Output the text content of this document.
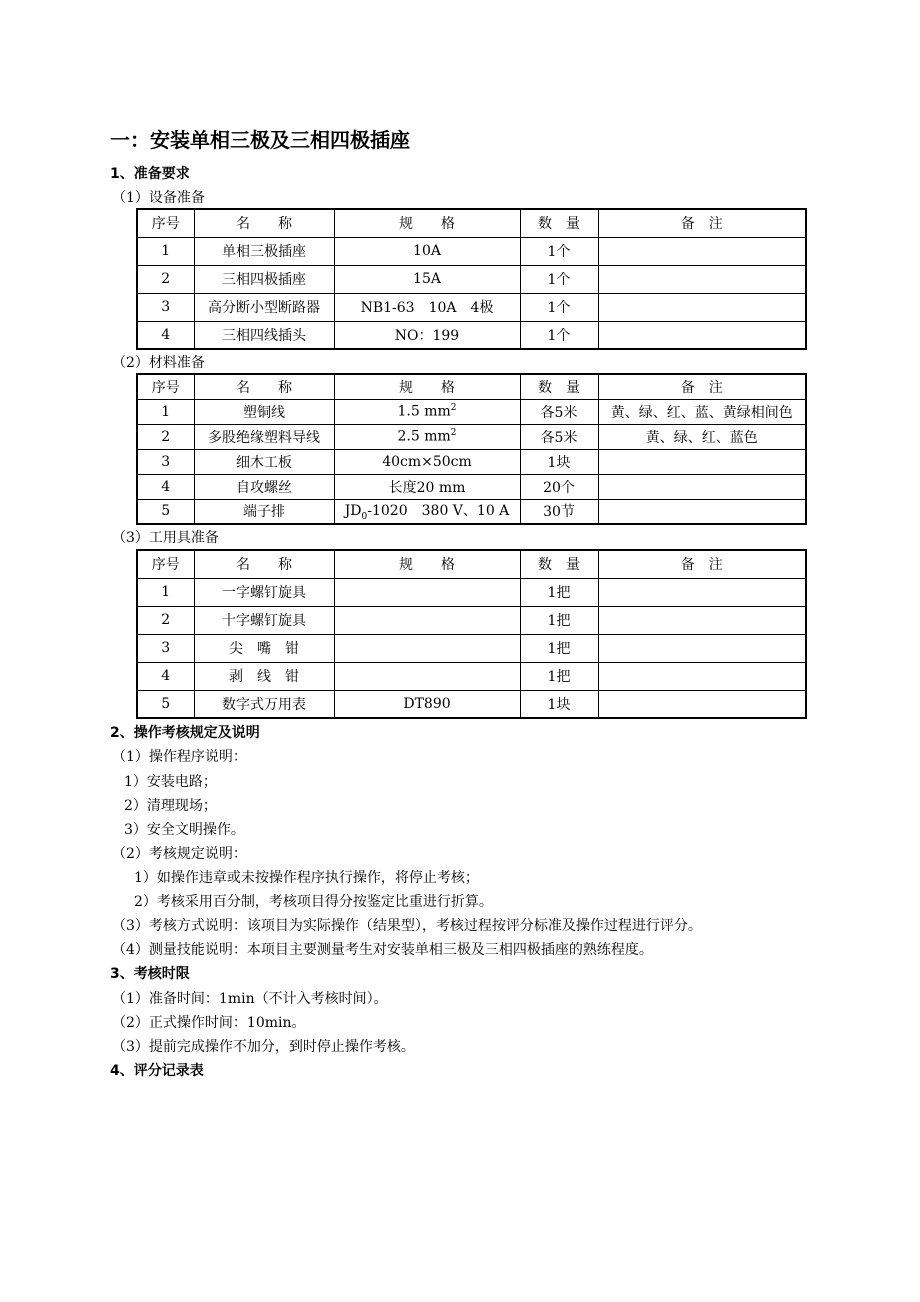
一：安装单相三极及三相四极插座
1、准备要求
（1）设备准备
序号	名　　称	规　　格	数　量	备　注
1	单相三极插座	10A	1个	
2	三相四极插座	15A	1个	
3	高分断小型断路器	NB1-63　10A　4极	1个	
4	三相四线插头	NO：199	1个	
（2）材料准备
序号	名　　称	规　　格	数　量	备　注
1	塑铜线	1.5 $mm^2$	各5米	黄、绿、红、蓝、黄绿相间色
2	多股绝缘塑料导线	2.5 $mm^2$	各5米	黄、绿、红、蓝色
3	细木工板	40cm×50cm	1块	
4	自攻螺丝	长度20 mm	20个	
5	端子排	$JD_0-1020$　380 V、10 A	30节	
（3）工用具准备
序号	名　　称	规　　格	数　量	备　注
1	一字螺钉旋具		1把	
2	十字螺钉旋具		1把	
3	尖　嘴　钳		1把	
4	剥　线　钳		1把	
5	数字式万用表	DT890	1块	
2、操作考核规定及说明
（1）操作程序说明：
1）安装电路；
2）清理现场；
3）安全文明操作。
（2）考核规定说明：
1）如操作违章或未按操作程序执行操作，将停止考核；
2）考核采用百分制，考核项目得分按鉴定比重进行折算。
（3）考核方式说明：该项目为实际操作（结果型），考核过程按评分标准及操作过程进行评分。
（4）测量技能说明：本项目主要测量考生对安装单相三极及三相四极插座的熟练程度。
3、考核时限
（1）准备时间：1min（不计入考核时间）。
（2）正式操作时间：10min。
（3）提前完成操作不加分，到时停止操作考核。
4、评分记录表
